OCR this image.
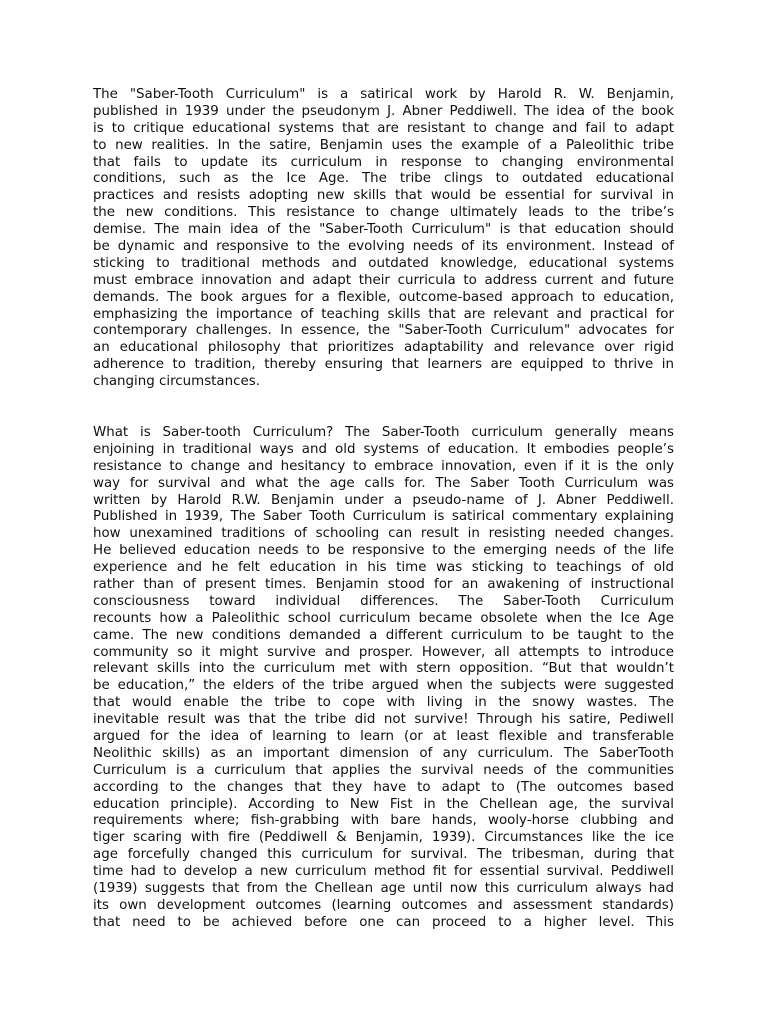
The "Saber-Tooth Curriculum" is a satirical work by Harold R. W. Benjamin,
published in 1939 under the pseudonym J. Abner Peddiwell. The idea of the book
is to critique educational systems that are resistant to change and fail to adapt
to new realities. In the satire, Benjamin uses the example of a Paleolithic tribe
that fails to update its curriculum in response to changing environmental
conditions, such as the Ice Age. The tribe clings to outdated educational
practices and resists adopting new skills that would be essential for survival in
the new conditions. This resistance to change ultimately leads to the tribe’s
demise. The main idea of the "Saber-Tooth Curriculum" is that education should
be dynamic and responsive to the evolving needs of its environment. Instead of
sticking to traditional methods and outdated knowledge, educational systems
must embrace innovation and adapt their curricula to address current and future
demands. The book argues for a flexible, outcome-based approach to education,
emphasizing the importance of teaching skills that are relevant and practical for
contemporary challenges. In essence, the "Saber-Tooth Curriculum" advocates for
an educational philosophy that prioritizes adaptability and relevance over rigid
adherence to tradition, thereby ensuring that learners are equipped to thrive in
changing circumstances.
What is Saber-tooth Curriculum? The Saber-Tooth curriculum generally means
enjoining in traditional ways and old systems of education. It embodies people’s
resistance to change and hesitancy to embrace innovation, even if it is the only
way for survival and what the age calls for. The Saber Tooth Curriculum was
written by Harold R.W. Benjamin under a pseudo-name of J. Abner Peddiwell.
Published in 1939, The Saber Tooth Curriculum is satirical commentary explaining
how unexamined traditions of schooling can result in resisting needed changes.
He believed education needs to be responsive to the emerging needs of the life
experience and he felt education in his time was sticking to teachings of old
rather than of present times. Benjamin stood for an awakening of instructional
consciousness toward individual differences. The Saber-Tooth Curriculum
recounts how a Paleolithic school curriculum became obsolete when the Ice Age
came. The new conditions demanded a different curriculum to be taught to the
community so it might survive and prosper. However, all attempts to introduce
relevant skills into the curriculum met with stern opposition. “But that wouldn’t
be education,” the elders of the tribe argued when the subjects were suggested
that would enable the tribe to cope with living in the snowy wastes. The
inevitable result was that the tribe did not survive! Through his satire, Pediwell
argued for the idea of learning to learn (or at least flexible and transferable
Neolithic skills) as an important dimension of any curriculum. The SaberTooth
Curriculum is a curriculum that applies the survival needs of the communities
according to the changes that they have to adapt to (The outcomes based
education principle). According to New Fist in the Chellean age, the survival
requirements where; fish-grabbing with bare hands, wooly-horse clubbing and
tiger scaring with fire (Peddiwell & Benjamin, 1939). Circumstances like the ice
age forcefully changed this curriculum for survival. The tribesman, during that
time had to develop a new curriculum method fit for essential survival. Peddiwell
(1939) suggests that from the Chellean age until now this curriculum always had
its own development outcomes (learning outcomes and assessment standards)
that need to be achieved before one can proceed to a higher level. This
